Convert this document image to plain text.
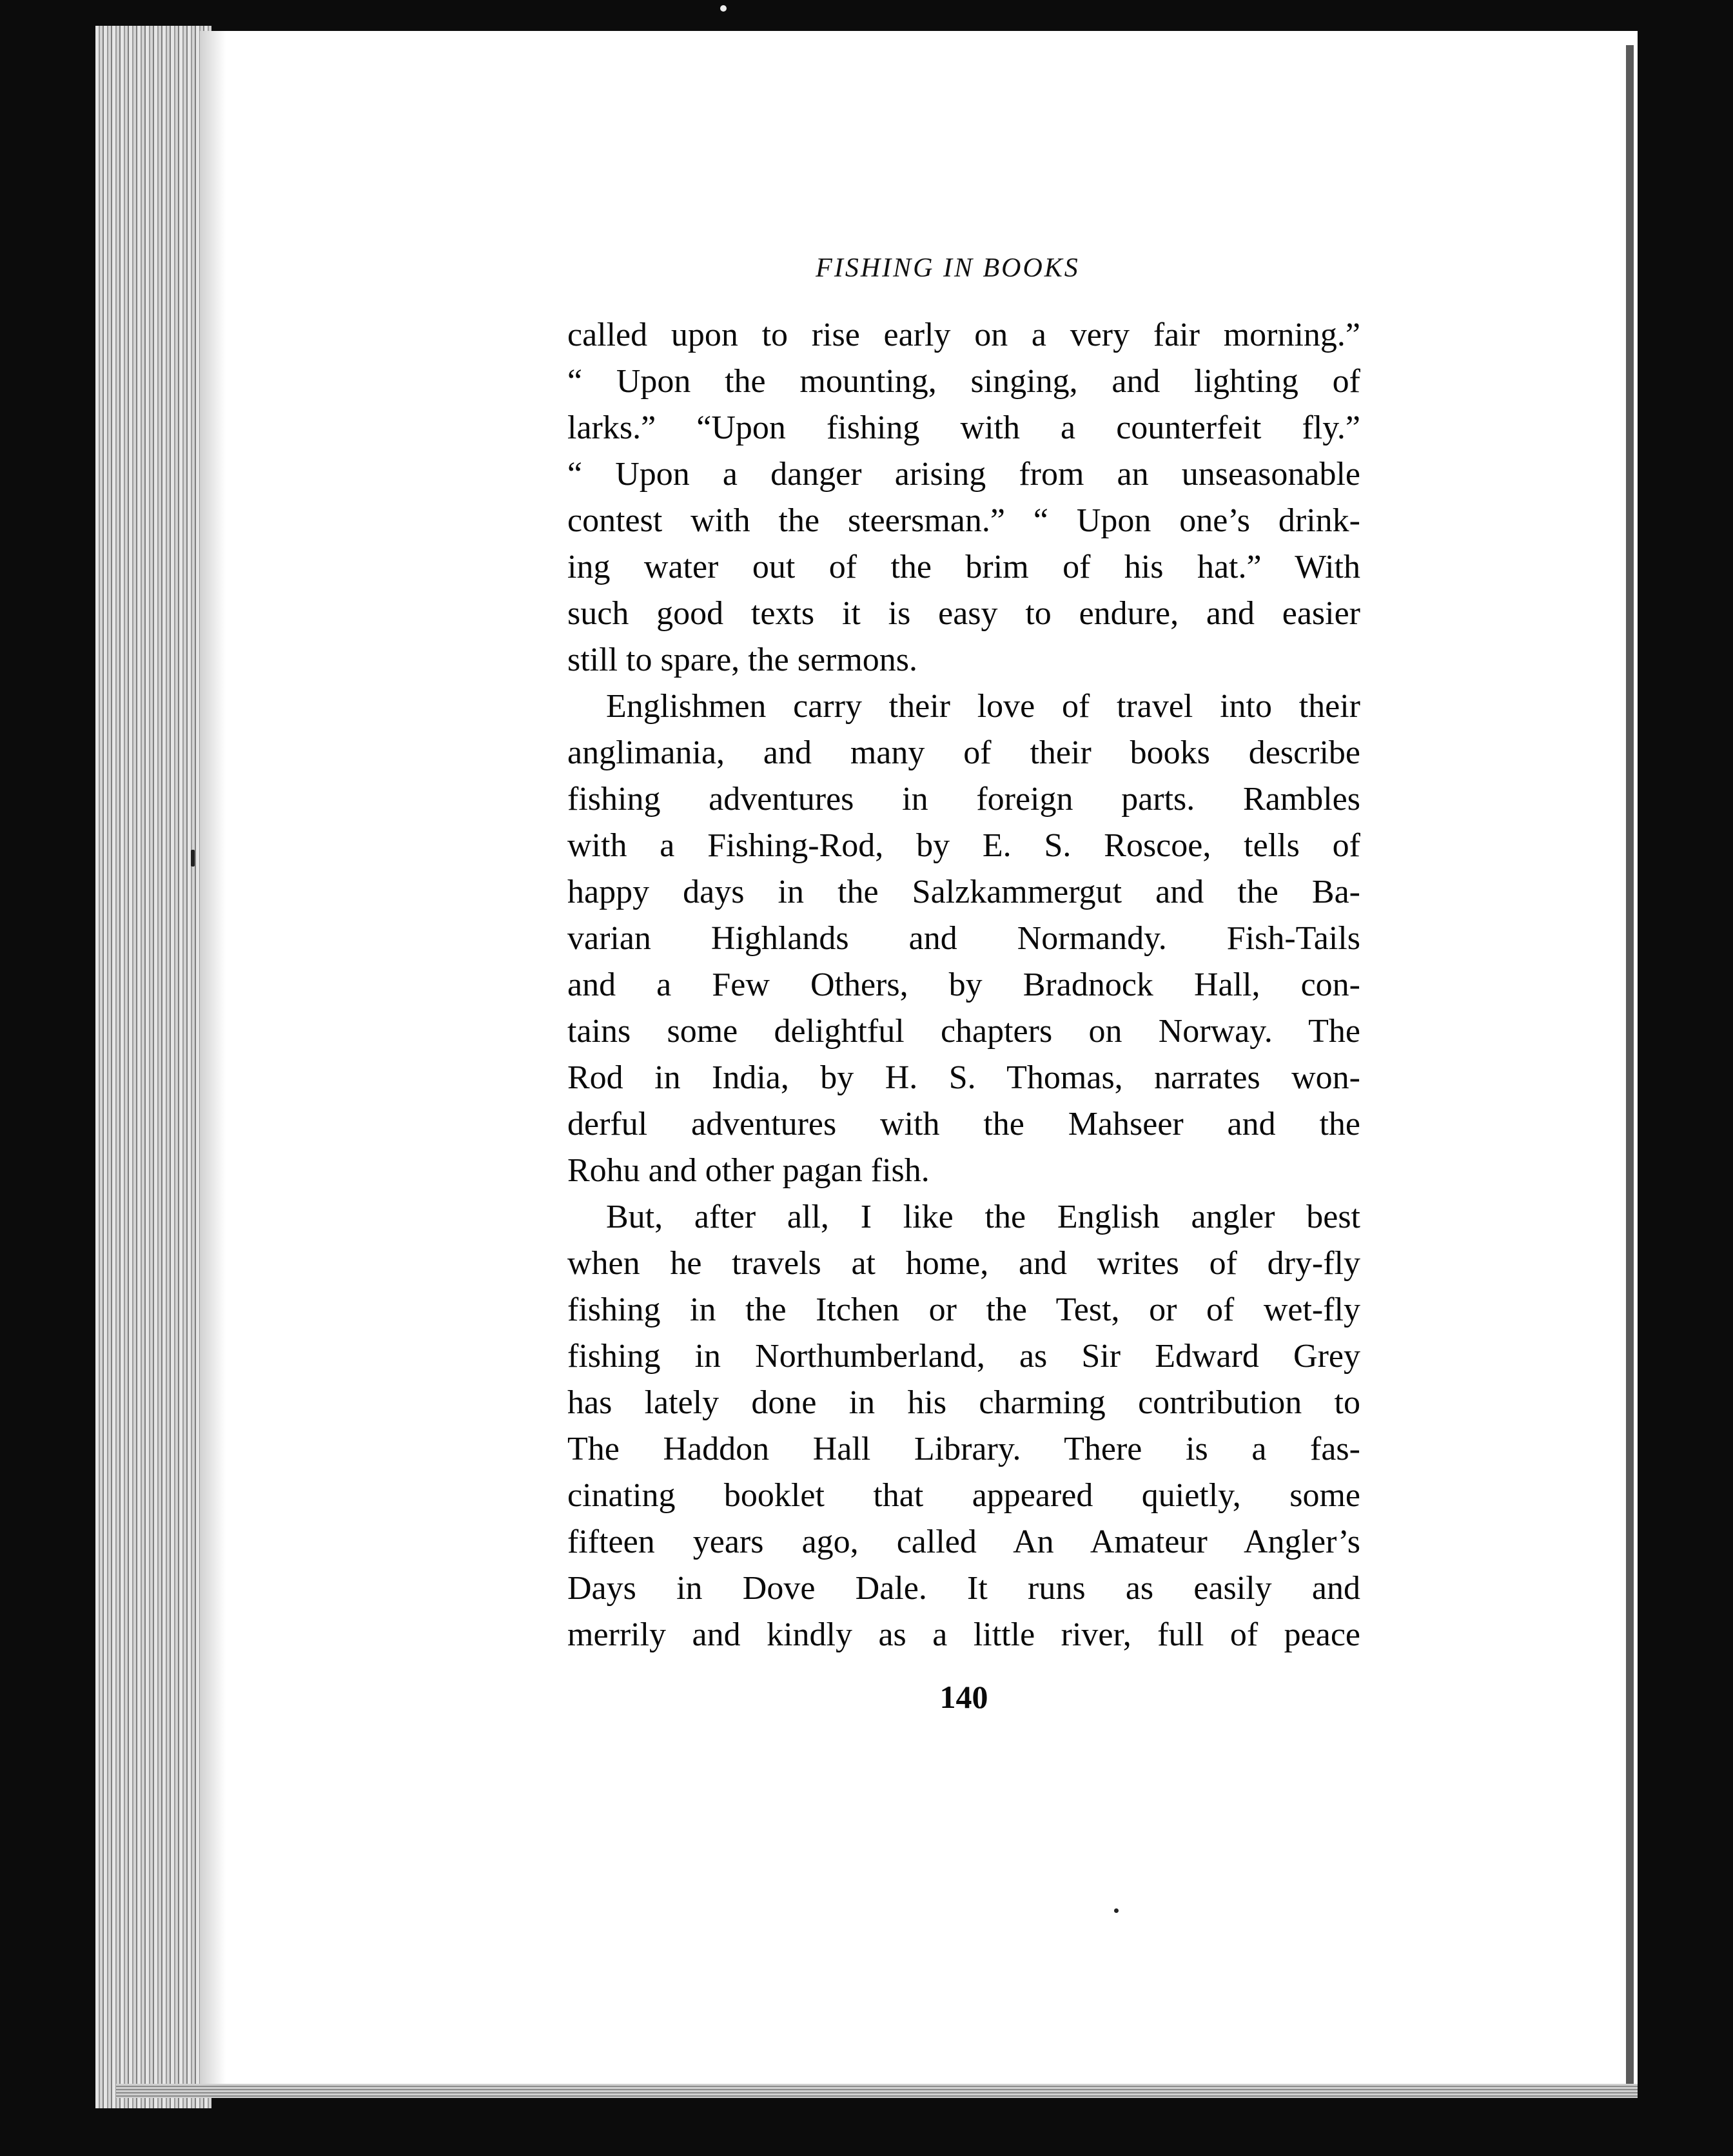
FISHING IN BOOKS
called upon to rise early on a very fair morning.”
“ Upon the mounting, singing, and lighting of
larks.” “Upon fishing with a counterfeit fly.”
“ Upon a danger arising from an unseasonable
contest with the steersman.” “ Upon one’s drink-
ing water out of the brim of his hat.” With
such good texts it is easy to endure, and easier
still to spare, the sermons.
Englishmen carry their love of travel into their
anglimania, and many of their books describe
fishing adventures in foreign parts. Rambles
with a Fishing-Rod, by E. S. Roscoe, tells of
happy days in the Salzkammergut and the Ba-
varian Highlands and Normandy. Fish-Tails
and a Few Others, by Bradnock Hall, con-
tains some delightful chapters on Norway. The
Rod in India, by H. S. Thomas, narrates won-
derful adventures with the Mahseer and the
Rohu and other pagan fish.
But, after all, I like the English angler best
when he travels at home, and writes of dry-fly
fishing in the Itchen or the Test, or of wet-fly
fishing in Northumberland, as Sir Edward Grey
has lately done in his charming contribution to
The Haddon Hall Library. There is a fas-
cinating booklet that appeared quietly, some
fifteen years ago, called An Amateur Angler’s
Days in Dove Dale. It runs as easily and
merrily and kindly as a little river, full of peace
140
